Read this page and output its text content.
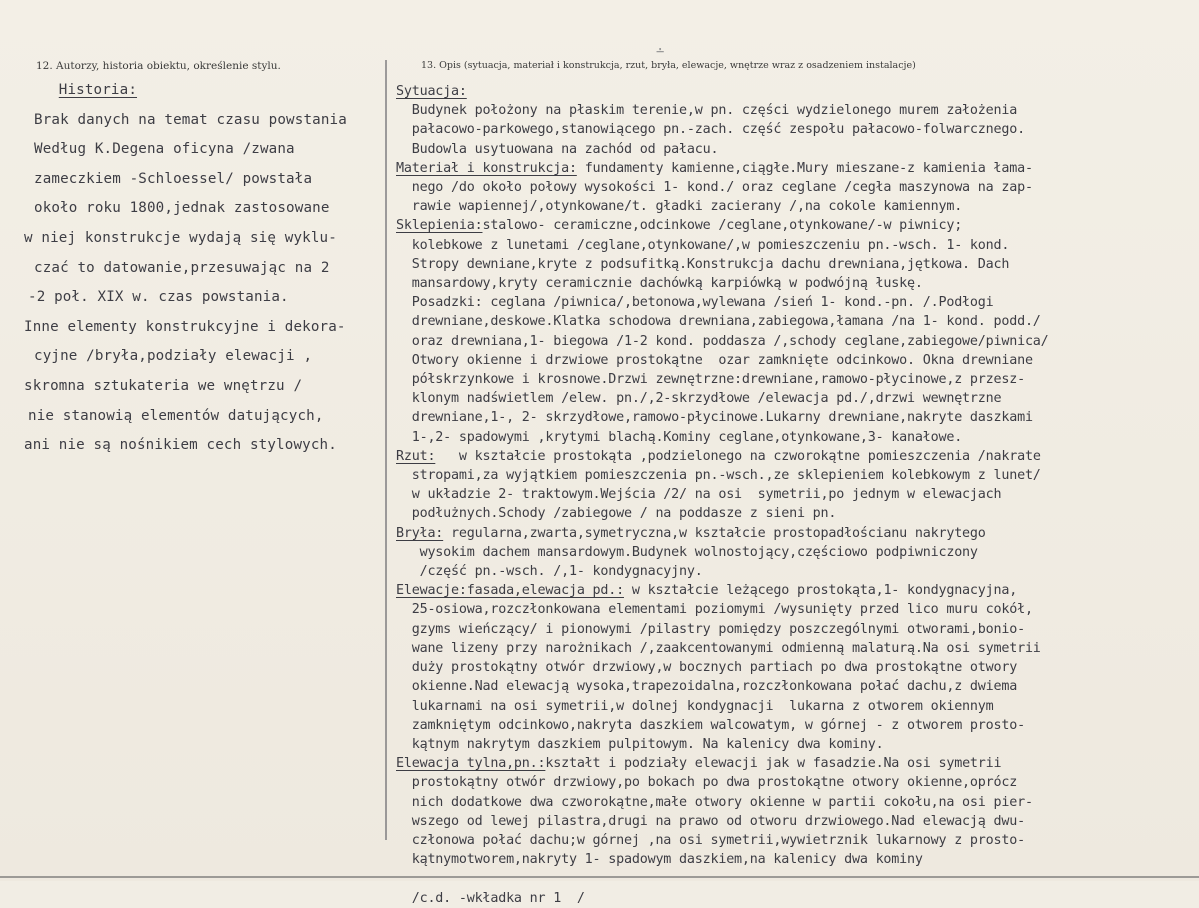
∸
12. Autorzy, historia obiektu, określenie stylu.	13. Opis (sytuacja, materiał i konstrukcja, rzut, bryła, elewacje, wnętrze wraz z osadzeniem instalacje)
Historia:
Brak danych na temat czasu powstania
Według K.Degena oficyna /zwana
zameczkiem -Schloessel/ powstała
około roku 1800,jednak zastosowane
w niej konstrukcje wydają się wyklu-
czać to datowanie,przesuwając na 2
-2 poł. XIX w. czas powstania.
Inne elementy konstrukcyjne i dekora-
cyjne /bryła,podziały elewacji ,
skromna sztukateria we wnętrzu /
nie stanowią elementów datujących,
ani nie są nośnikiem cech stylowych.
Sytuacja:
Budynek położony na płaskim terenie,w pn. części wydzielonego murem założenia
pałacowo-parkowego,stanowiącego pn.-zach. część zespołu pałacowo-folwarcznego.
Budowla usytuowana na zachód od pałacu.
Materiał i konstrukcja: fundamenty kamienne,ciągłe.Mury mieszane-z kamienia łama-
nego /do około połowy wysokości 1- kond./ oraz ceglane /cegła maszynowa na zap-
rawie wapiennej/,otynkowane/t. gładki zacierany /,na cokole kamiennym.
Sklepienia:stalowo- ceramiczne,odcinkowe /ceglane,otynkowane/-w piwnicy;
kolebkowe z lunetami /ceglane,otynkowane/,w pomieszczeniu pn.-wsch. 1- kond.
Stropy dewniane,kryte z podsufitką.Konstrukcja dachu drewniana,jętkowa. Dach
mansardowy,kryty ceramicznie dachówką karpiówką w podwójną łuskę.
Posadzki: ceglana /piwnica/,betonowa,wylewana /sień 1- kond.-pn. /.Podłogi
drewniane,deskowe.Klatka schodowa drewniana,zabiegowa,łamana /na 1- kond. podd./
oraz drewniana,1- biegowa /1-2 kond. poddasza /,schody ceglane,zabiegowe/piwnica/
Otwory okienne i drzwiowe prostokątne  ozar zamknięte odcinkowo. Okna drewniane
półskrzynkowe i krosnowe.Drzwi zewnętrzne:drewniane,ramowo-płycinowe,z przesz-
klonym nadświetlem /elew. pn./,2-skrzydłowe /elewacja pd./,drzwi wewnętrzne
drewniane,1-, 2- skrzydłowe,ramowo-płycinowe.Lukarny drewniane,nakryte daszkami
1-,2- spadowymi ,krytymi blachą.Kominy ceglane,otynkowane,3- kanałowe.
Rzut:   w kształcie prostokąta ,podzielonego na czworokątne pomieszczenia /nakrate
stropami,za wyjątkiem pomieszczenia pn.-wsch.,ze sklepieniem kolebkowym z lunet/
w układzie 2- traktowym.Wejścia /2/ na osi  symetrii,po jednym w elewacjach
podłużnych.Schody /zabiegowe / na poddasze z sieni pn.
Bryła: regularna,zwarta,symetryczna,w kształcie prostopadłościanu nakrytego
wysokim dachem mansardowym.Budynek wolnostojący,częściowo podpiwniczony
/część pn.-wsch. /,1- kondygnacyjny.
Elewacje:fasada,elewacja pd.: w kształcie leżącego prostokąta,1- kondygnacyjna,
25-osiowa,rozczłonkowana elementami poziomymi /wysunięty przed lico muru cokół,
gzyms wieńczący/ i pionowymi /pilastry pomiędzy poszczególnymi otworami,bonio-
wane lizeny przy narożnikach /,zaakcentowanymi odmienną malaturą.Na osi symetrii
duży prostokątny otwór drzwiowy,w bocznych partiach po dwa prostokątne otwory
okienne.Nad elewacją wysoka,trapezoidalna,rozczłonkowana połać dachu,z dwiema
lukarnami na osi symetrii,w dolnej kondygnacji  lukarna z otworem okiennym
zamkniętym odcinkowo,nakryta daszkiem walcowatym, w górnej - z otworem prosto-
kątnym nakrytym daszkiem pulpitowym. Na kalenicy dwa kominy.
Elewacja tylna,pn.:kształt i podziały elewacji jak w fasadzie.Na osi symetrii
prostokątny otwór drzwiowy,po bokach po dwa prostokątne otwory okienne,oprócz
nich dodatkowe dwa czworokątne,małe otwory okienne w partii cokołu,na osi pier-
wszego od lewej pilastra,drugi na prawo od otworu drzwiowego.Nad elewacją dwu-
członowa połać dachu;w górnej ,na osi symetrii,wywietrznik lukarnowy z prosto-
kątnymotworem,nakryty 1- spadowym daszkiem,na kalenicy dwa kominy

/c.d. -wkładka nr 1  /
